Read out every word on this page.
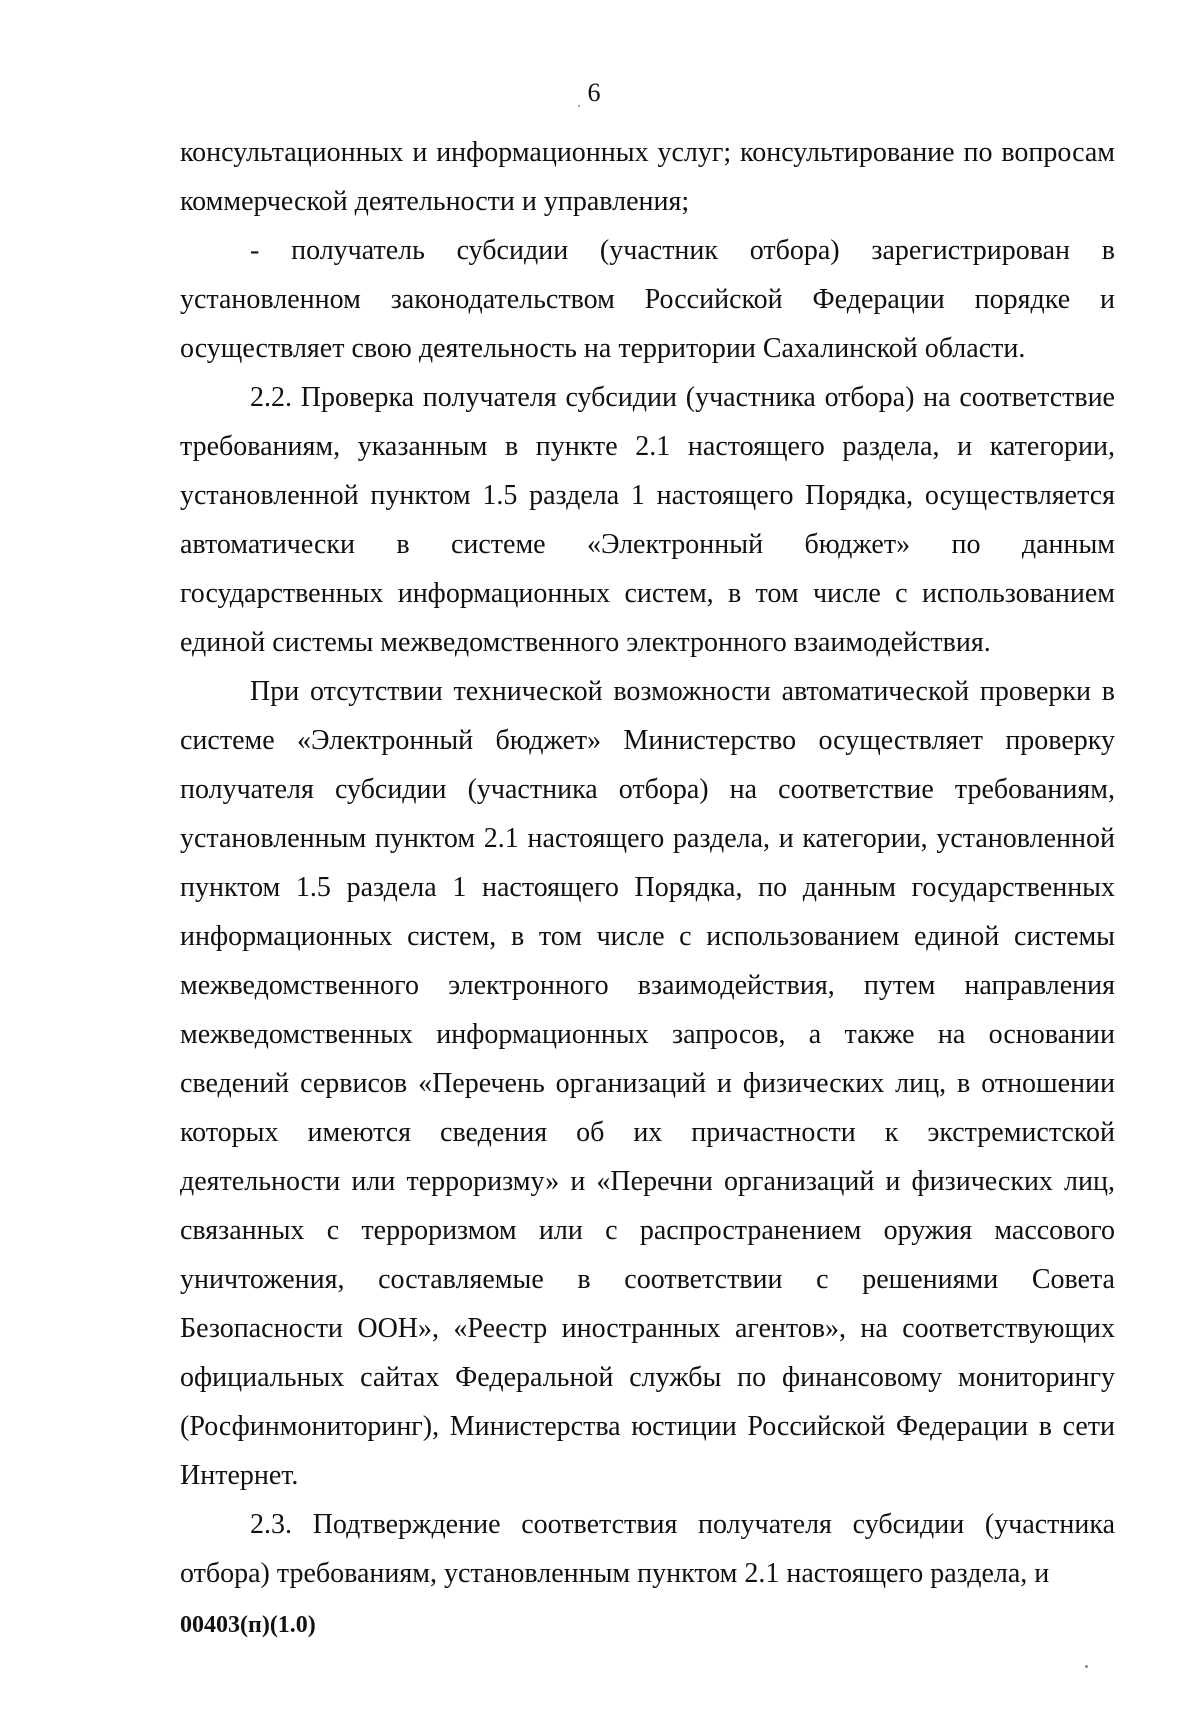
6

консультационных и информационных услуг; консультирование по вопросам коммерческой деятельности и управления;

- получатель субсидии (участник отбора) зарегистрирован в установленном законодательством Российской Федерации порядке и осуществляет свою деятельность на территории Сахалинской области.

2.2. Проверка получателя субсидии (участника отбора) на соответствие требованиям, указанным в пункте 2.1 настоящего раздела, и категории, установленной пунктом 1.5 раздела 1 настоящего Порядка, осуществляется автоматически в системе «Электронный бюджет» по данным государственных информационных систем, в том числе с использованием единой системы межведомственного электронного взаимодействия.

При отсутствии технической возможности автоматической проверки в системе «Электронный бюджет» Министерство осуществляет проверку получателя субсидии (участника отбора) на соответствие требованиям, установленным пунктом 2.1 настоящего раздела, и категории, установленной пунктом 1.5 раздела 1 настоящего Порядка, по данным государственных информационных систем, в том числе с использованием единой системы межведомственного электронного взаимодействия, путем направления межведомственных информационных запросов, а также на основании сведений сервисов «Перечень организаций и физических лиц, в отношении которых имеются сведения об их причастности к экстремистской деятельности или терроризму» и «Перечни организаций и физических лиц, связанных с терроризмом или с распространением оружия массового уничтожения, составляемые в соответствии с решениями Совета Безопасности ООН», «Реестр иностранных агентов», на соответствующих официальных сайтах Федеральной службы по финансовому мониторингу (Росфинмониторинг), Министерства юстиции Российской Федерации в сети Интернет.

2.3. Подтверждение соответствия получателя субсидии (участника отбора) требованиям, установленным пунктом 2.1 настоящего раздела, и

00403(п)(1.0)
